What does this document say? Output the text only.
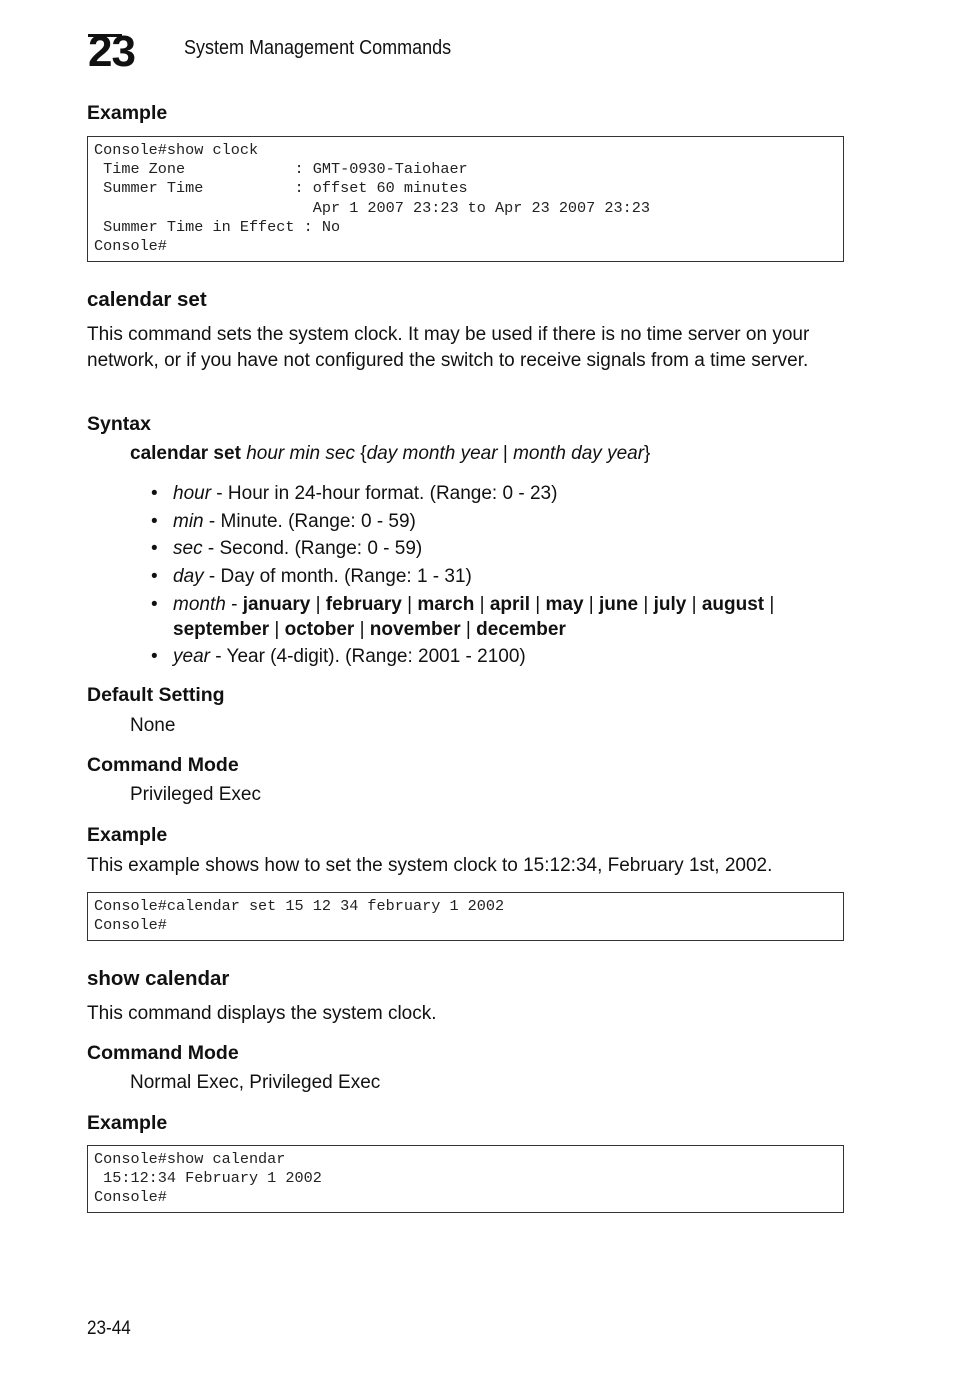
23 System Management Commands
Example
Console#show clock
Time Zone            : GMT-0930-Taiohaer
Summer Time          : offset 60 minutes
Apr 1 2007 23:23 to Apr 23 2007 23:23
Summer Time in Effect : No
Console#
calendar set
This command sets the system clock. It may be used if there is no time server on your network, or if you have not configured the switch to receive signals from a time server.
Syntax
calendar set hour min sec {day month year | month day year}
• hour - Hour in 24-hour format. (Range: 0 - 23)
• min - Minute. (Range: 0 - 59)
• sec - Second. (Range: 0 - 59)
• day - Day of month. (Range: 1 - 31)
• month - january | february | march | april | may | june | july | august | september | october | november | december
• year - Year (4-digit). (Range: 2001 - 2100)
Default Setting
None
Command Mode
Privileged Exec
Example
This example shows how to set the system clock to 15:12:34, February 1st, 2002.
Console#calendar set 15 12 34 february 1 2002
Console#
show calendar
This command displays the system clock.
Command Mode
Normal Exec, Privileged Exec
Example
Console#show calendar
15:12:34 February 1 2002
Console#
23-44
